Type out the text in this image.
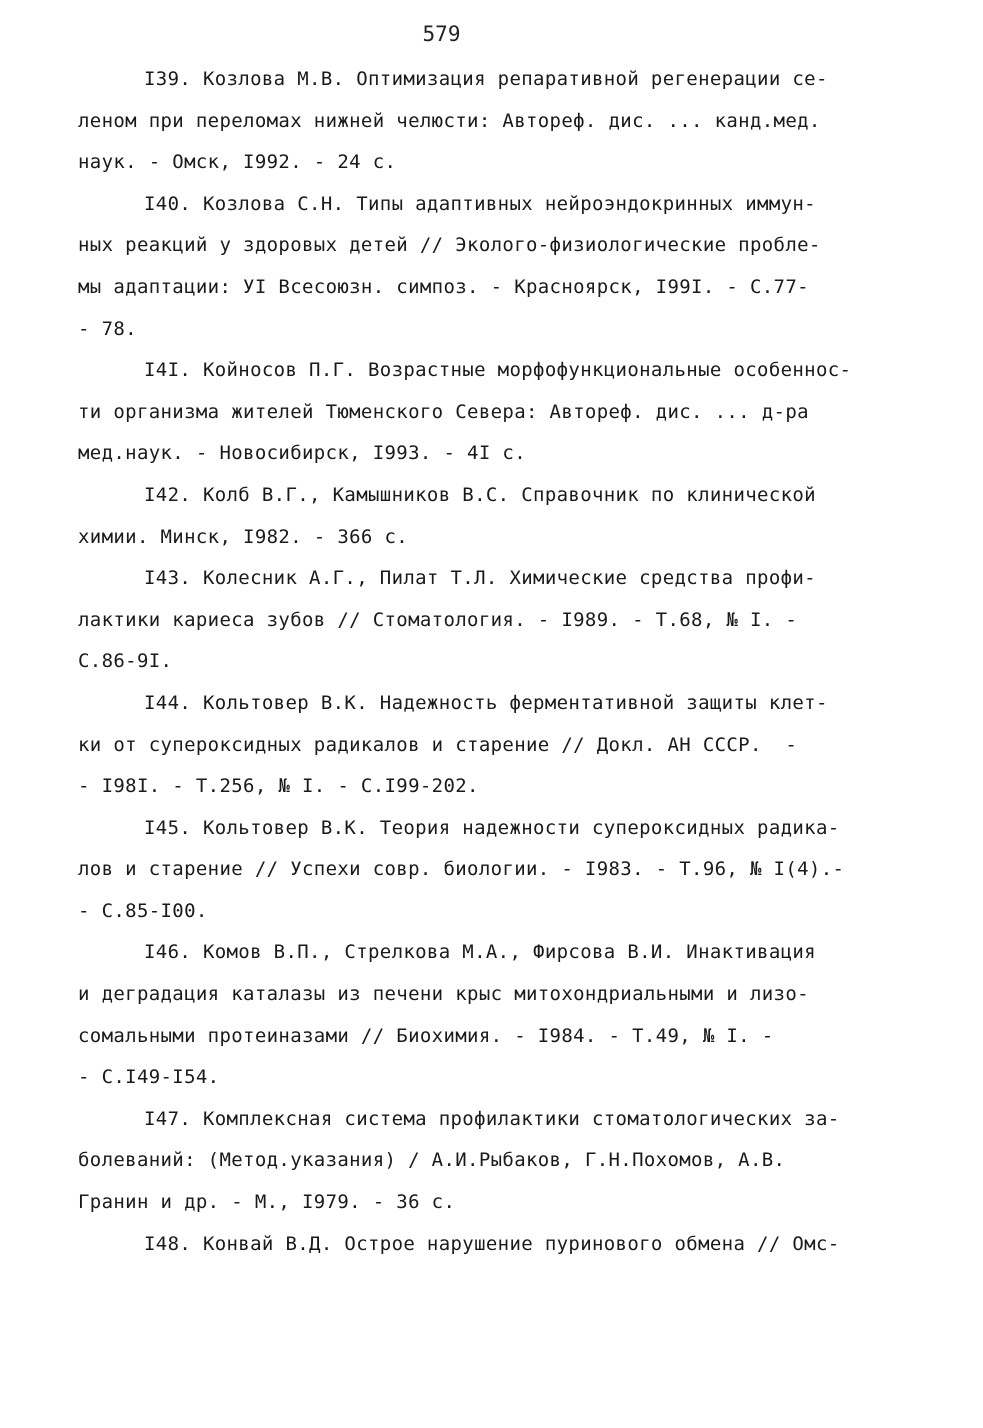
579
I39. Козлова М.В. Оптимизация репаративной регенерации се-
леном при переломах нижней челюсти: Автореф. дис. ... канд.мед.
наук. - Омск, I992. - 24 с.
I40. Козлова С.Н. Типы адаптивных нейроэндокринных иммун-
ных реакций у здоровых детей // Эколого-физиологические пробле-
мы адаптации: УI Всесоюзн. симпоз. - Красноярск, I99I. - С.77-
- 78.
I4I. Койносов П.Г. Возрастные морфофункциональные особеннос-
ти организма жителей Тюменского Севера: Автореф. дис. ... д-ра
мед.наук. - Новосибирск, I993. - 4I с.
I42. Колб В.Г., Камышников В.С. Справочник по клинической
химии. Минск, I982. - 366 с.
I43. Колесник А.Г., Пилат Т.Л. Химические средства профи-
лактики кариеса зубов // Стоматология. - I989. - Т.68, № I. -
С.86-9I.
I44. Кольтовер В.К. Надежность ферментативной защиты клет-
ки от супероксидных радикалов и старение // Докл. АН СССР.  -
- I98I. - Т.256, № I. - С.I99-202.
I45. Кольтовер В.К. Теория надежности супероксидных радика-
лов и старение // Успехи совр. биологии. - I983. - Т.96, № I(4).-
- С.85-I00.
I46. Комов В.П., Стрелкова М.А., Фирсова В.И. Инактивация
и деградация каталазы из печени крыс митохондриальными и лизо-
сомальными протеиназами // Биохимия. - I984. - Т.49, № I. -
- С.I49-I54.
I47. Комплексная система профилактики стоматологических за-
болеваний: (Метод.указания) / А.И.Рыбаков, Г.Н.Похомов, А.В.
Гранин и др. - М., I979. - 36 с.
I48. Конвай В.Д. Острое нарушение пуринового обмена // Омс-
